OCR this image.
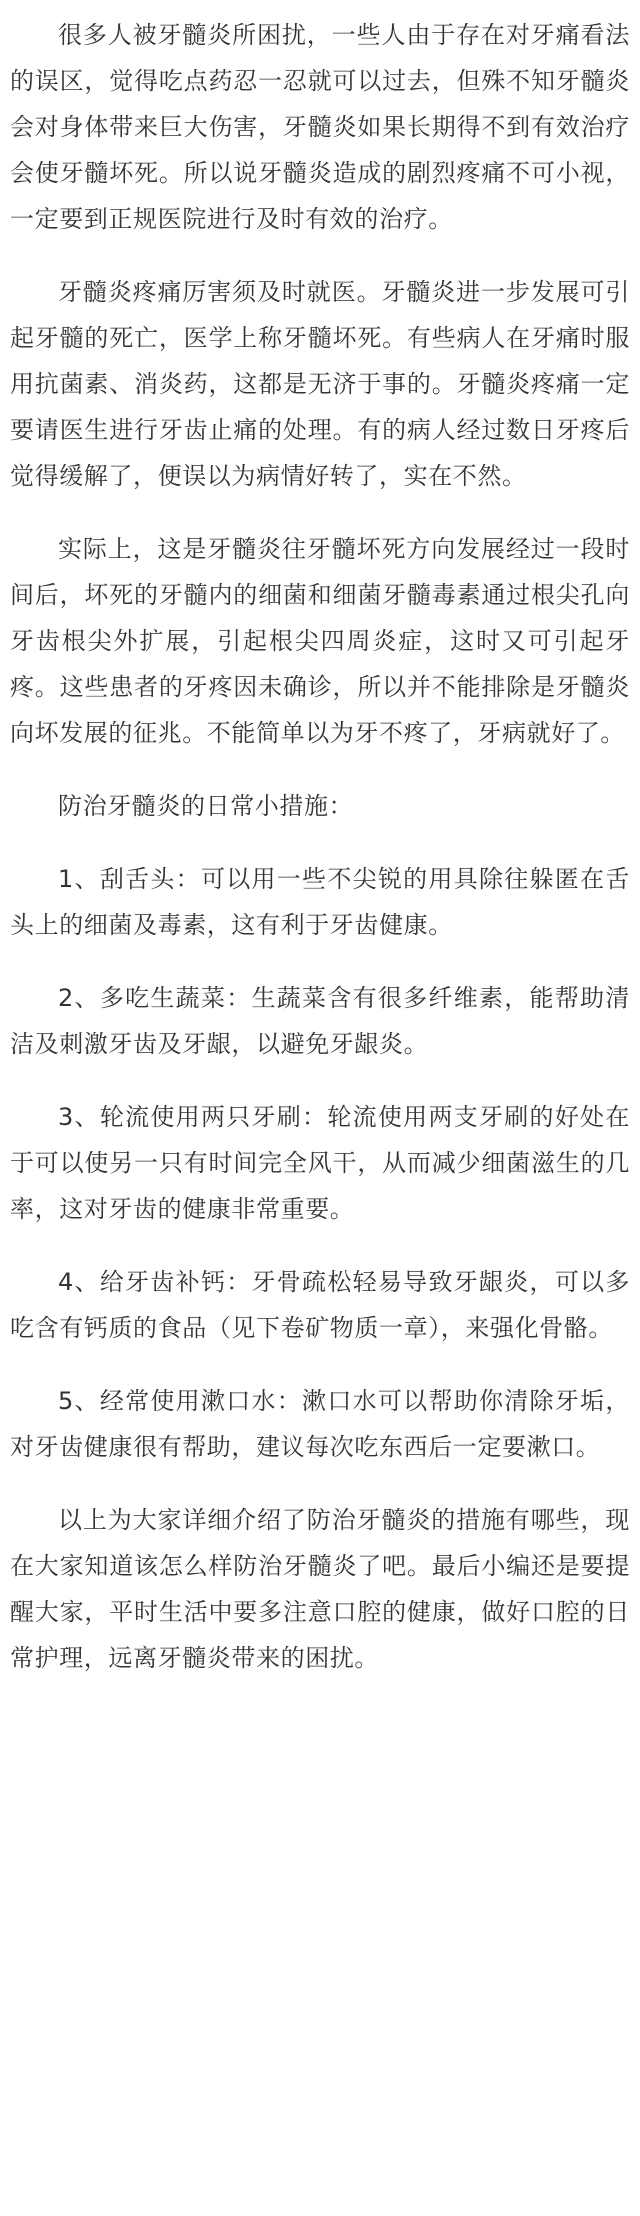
很多人被牙髓炎所困扰，一些人由于存在对牙痛看法的误区，觉得吃点药忍一忍就可以过去，但殊不知牙髓炎会对身体带来巨大伤害，牙髓炎如果长期得不到有效治疗会使牙髓坏死。所以说牙髓炎造成的剧烈疼痛不可小视，一定要到正规医院进行及时有效的治疗。

牙髓炎疼痛厉害须及时就医。牙髓炎进一步发展可引起牙髓的死亡，医学上称牙髓坏死。有些病人在牙痛时服用抗菌素、消炎药，这都是无济于事的。牙髓炎疼痛一定要请医生进行牙齿止痛的处理。有的病人经过数日牙疼后觉得缓解了，便误以为病情好转了，实在不然。

实际上，这是牙髓炎往牙髓坏死方向发展经过一段时间后，坏死的牙髓内的细菌和细菌牙髓毒素通过根尖孔向牙齿根尖外扩展，引起根尖四周炎症，这时又可引起牙疼。这些患者的牙疼因未确诊，所以并不能排除是牙髓炎向坏发展的征兆。不能简单以为牙不疼了，牙病就好了。

防治牙髓炎的日常小措施：

1、刮舌头：可以用一些不尖锐的用具除往躲匿在舌头上的细菌及毒素，这有利于牙齿健康。

2、多吃生蔬菜：生蔬菜含有很多纤维素，能帮助清洁及刺激牙齿及牙龈，以避免牙龈炎。

3、轮流使用两只牙刷：轮流使用两支牙刷的好处在于可以使另一只有时间完全风干，从而减少细菌滋生的几率，这对牙齿的健康非常重要。

4、给牙齿补钙：牙骨疏松轻易导致牙龈炎，可以多吃含有钙质的食品（见下卷矿物质一章），来强化骨骼。

5、经常使用漱口水：漱口水可以帮助你清除牙垢，对牙齿健康很有帮助，建议每次吃东西后一定要漱口。

以上为大家详细介绍了防治牙髓炎的措施有哪些，现在大家知道该怎么样防治牙髓炎了吧。最后小编还是要提醒大家，平时生活中要多注意口腔的健康，做好口腔的日常护理，远离牙髓炎带来的困扰。
